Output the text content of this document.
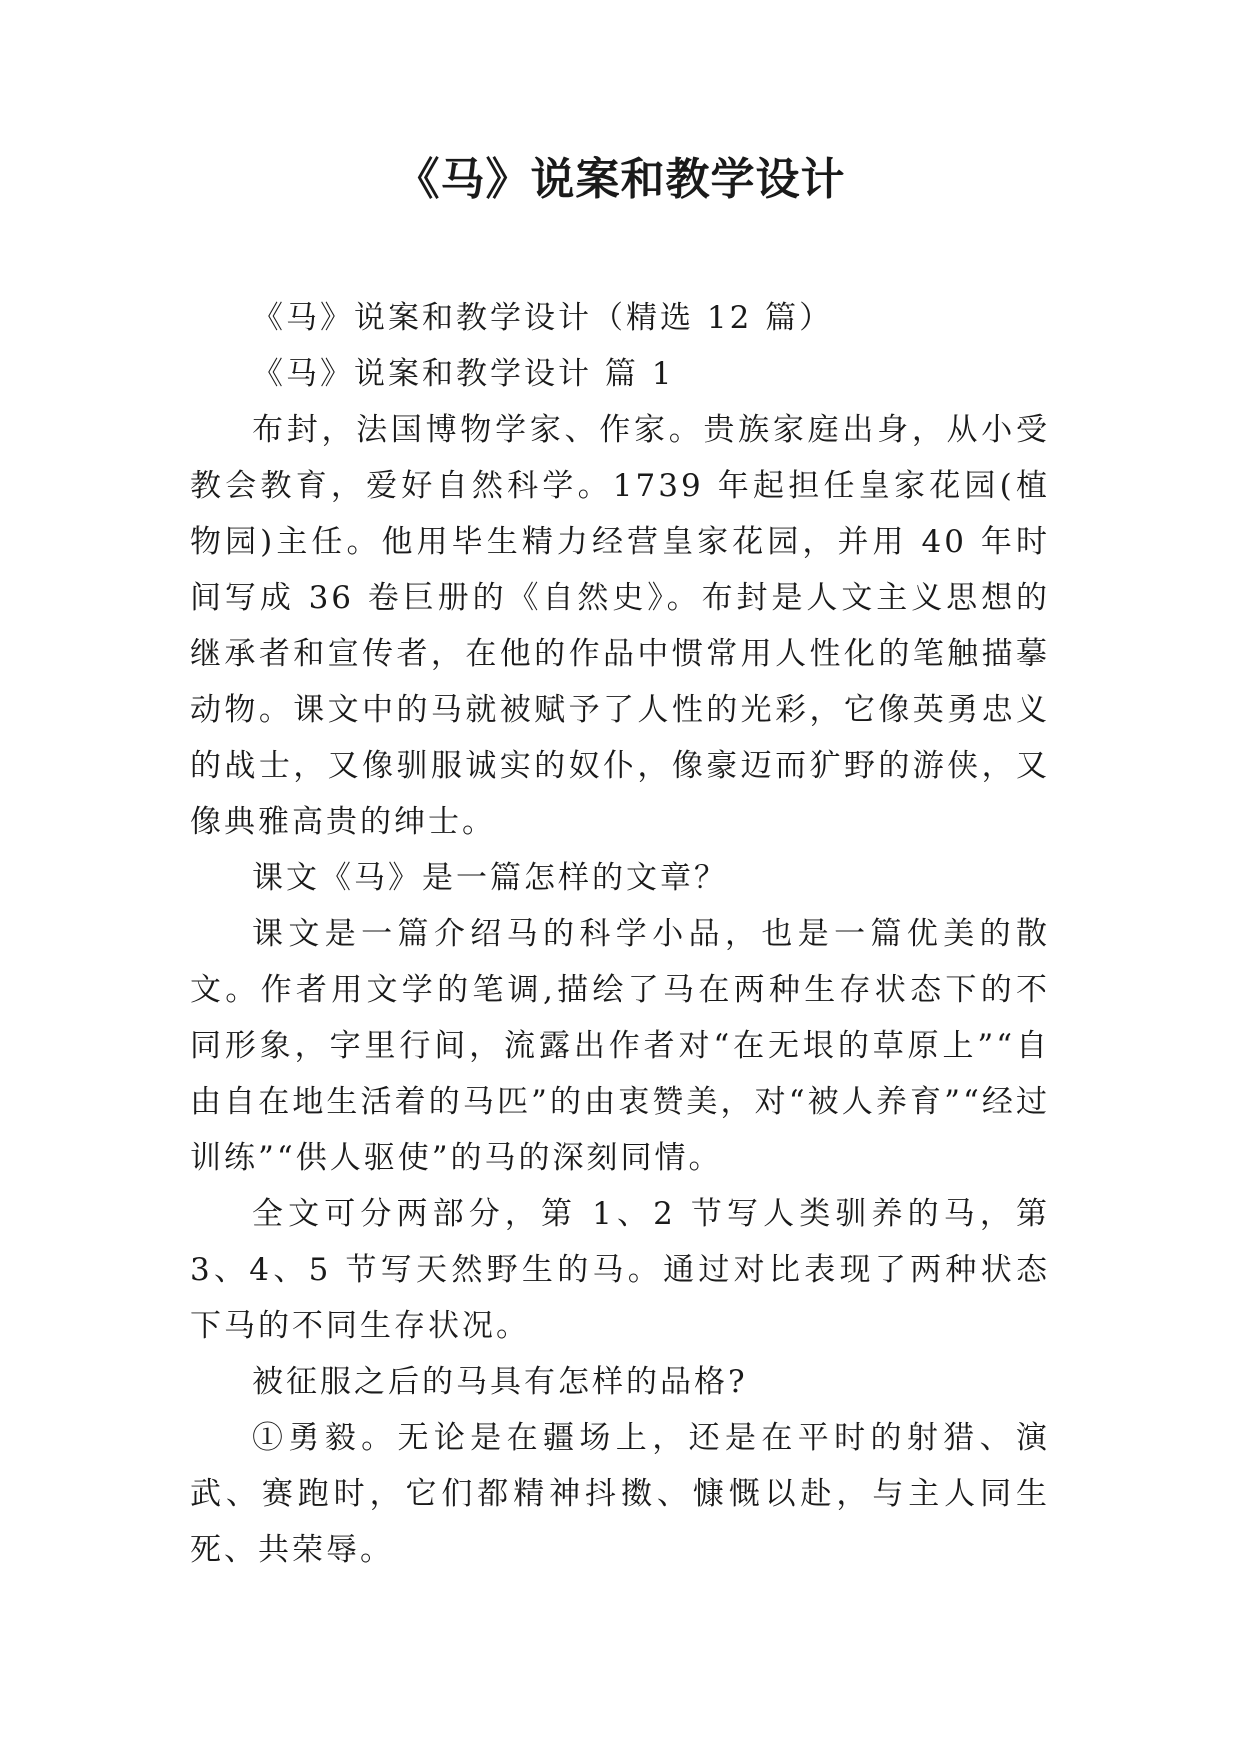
《马》说案和教学设计

《马》说案和教学设计（精选 12 篇）

《马》说案和教学设计 篇 1

布封，法国博物学家、作家。贵族家庭出身，从小受教会教育，爱好自然科学。1739 年起担任皇家花园(植物园)主任。他用毕生精力经营皇家花园，并用 40 年时间写成 36 卷巨册的《自然史》。布封是人文主义思想的继承者和宣传者，在他的作品中惯常用人性化的笔触描摹动物。课文中的马就被赋予了人性的光彩，它像英勇忠义的战士，又像驯服诚实的奴仆，像豪迈而犷野的游侠，又像典雅高贵的绅士。

课文《马》是一篇怎样的文章？

课文是一篇介绍马的科学小品，也是一篇优美的散文。作者用文学的笔调,描绘了马在两种生存状态下的不同形象，字里行间，流露出作者对“在无垠的草原上”“自由自在地生活着的马匹”的由衷赞美，对“被人养育”“经过训练”“供人驱使”的马的深刻同情。

全文可分两部分，第 1、2 节写人类驯养的马，第 3、4、5 节写天然野生的马。通过对比表现了两种状态下马的不同生存状况。

被征服之后的马具有怎样的品格?

①勇毅。无论是在疆场上，还是在平时的射猎、演武、赛跑时，它们都精神抖擞、慷慨以赴，与主人同生死、共荣辱。
